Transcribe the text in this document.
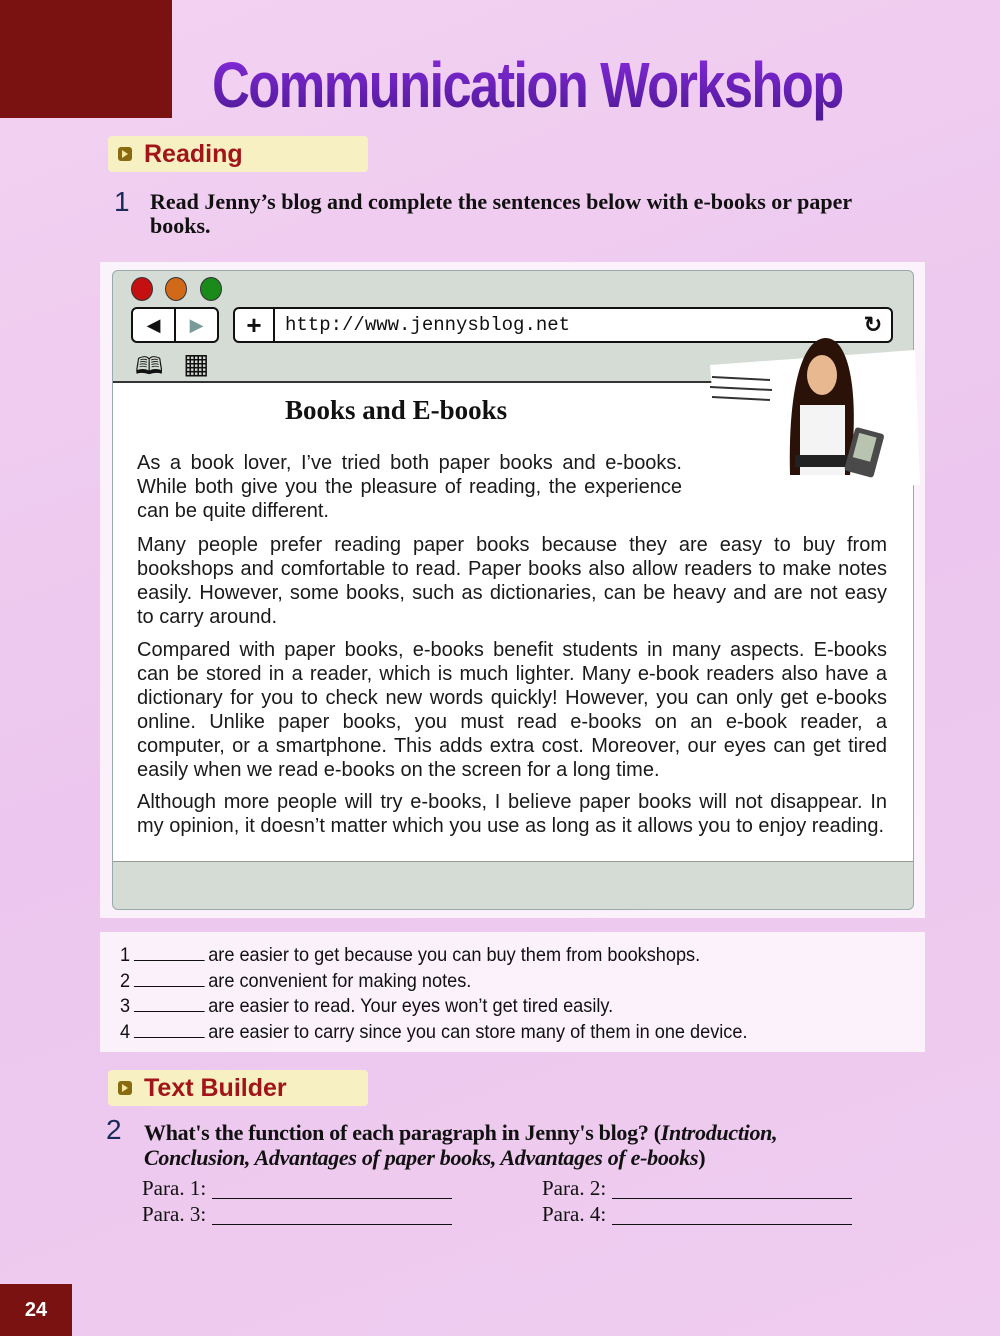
Communication Workshop
Reading
1 Read Jenny’s blog and complete the sentences below with e-books or paper books.
◀	▶	+	http://www.jennysblog.net	↻
🕮 ▦
Books and E-books
As a book lover, I’ve tried both paper books and e-books. While both give you the pleasure of reading, the experience can be quite different.
Many people prefer reading paper books because they are easy to buy from bookshops and comfortable to read. Paper books also allow readers to make notes easily. However, some books, such as dictionaries, can be heavy and are not easy to carry around.
Compared with paper books, e-books benefit students in many aspects. E-books can be stored in a reader, which is much lighter. Many e-book readers also have a dictionary for you to check new words quickly! However, you can only get e-books online. Unlike paper books, you must read e-books on an e-book reader, a computer, or a smartphone. This adds extra cost. Moreover, our eyes can get tired easily when we read e-books on the screen for a long time.
Although more people will try e-books, I believe paper books will not disappear. In my opinion, it doesn’t matter which you use as long as it allows you to enjoy reading.
1	are easier to get because you can buy them from bookshops.
2	are convenient for making notes.
3	are easier to read. Your eyes won’t get tired easily.
4	are easier to carry since you can store many of them in one device.
Text Builder
2 What's the function of each paragraph in Jenny's blog? (Introduction, Conclusion, Advantages of paper books, Advantages of e-books)
Para. 1:	Para. 2:
Para. 3:	Para. 4:
24
